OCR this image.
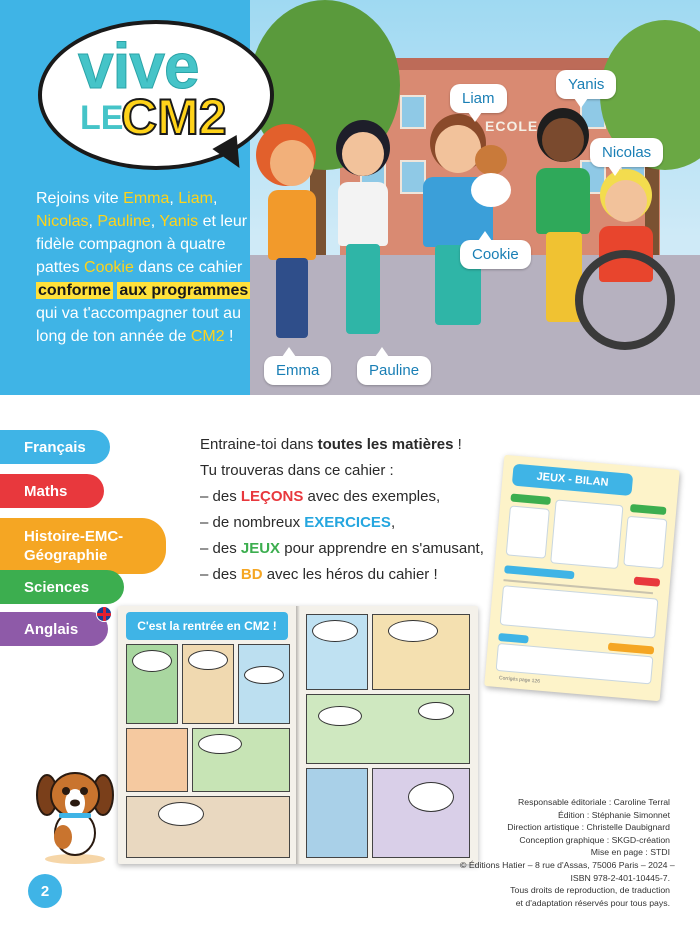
ECOLE
vive
LE
CM2

Rejoins vite Emma, Liam, Nicolas, Pauline, Yanis et leur fidèle compagnon à quatre pattes Cookie dans ce cahier conforme aux programmes qui va t'accompagner tout au long de ton année de CM2 !

Liam
Yanis
Nicolas
Cookie
Emma	Pauline
Français
Maths
Histoire-EMC-
Géographie
Sciences
Anglais
Entraine-toi dans toutes les matières !
Tu trouveras dans ce cahier :
– des LEÇONS avec des exemples,
– de nombreux EXERCICES,
– des JEUX pour apprendre en s'amusant,
– des BD avec les héros du cahier !
JEUX - BILAN
Corrigés page 126
C'est la rentrée en CM2 !
2
Responsable éditoriale : Caroline Terral
Édition : Stéphanie Simonnet
Direction artistique : Christelle Daubignard
Conception graphique : SKGD-création
Mise en page : STDI
© Éditions Hatier – 8 rue d'Assas, 75006 Paris – 2024 –
ISBN 978-2-401-10445-7.
Tous droits de reproduction, de traduction
et d'adaptation réservés pour tous pays.
